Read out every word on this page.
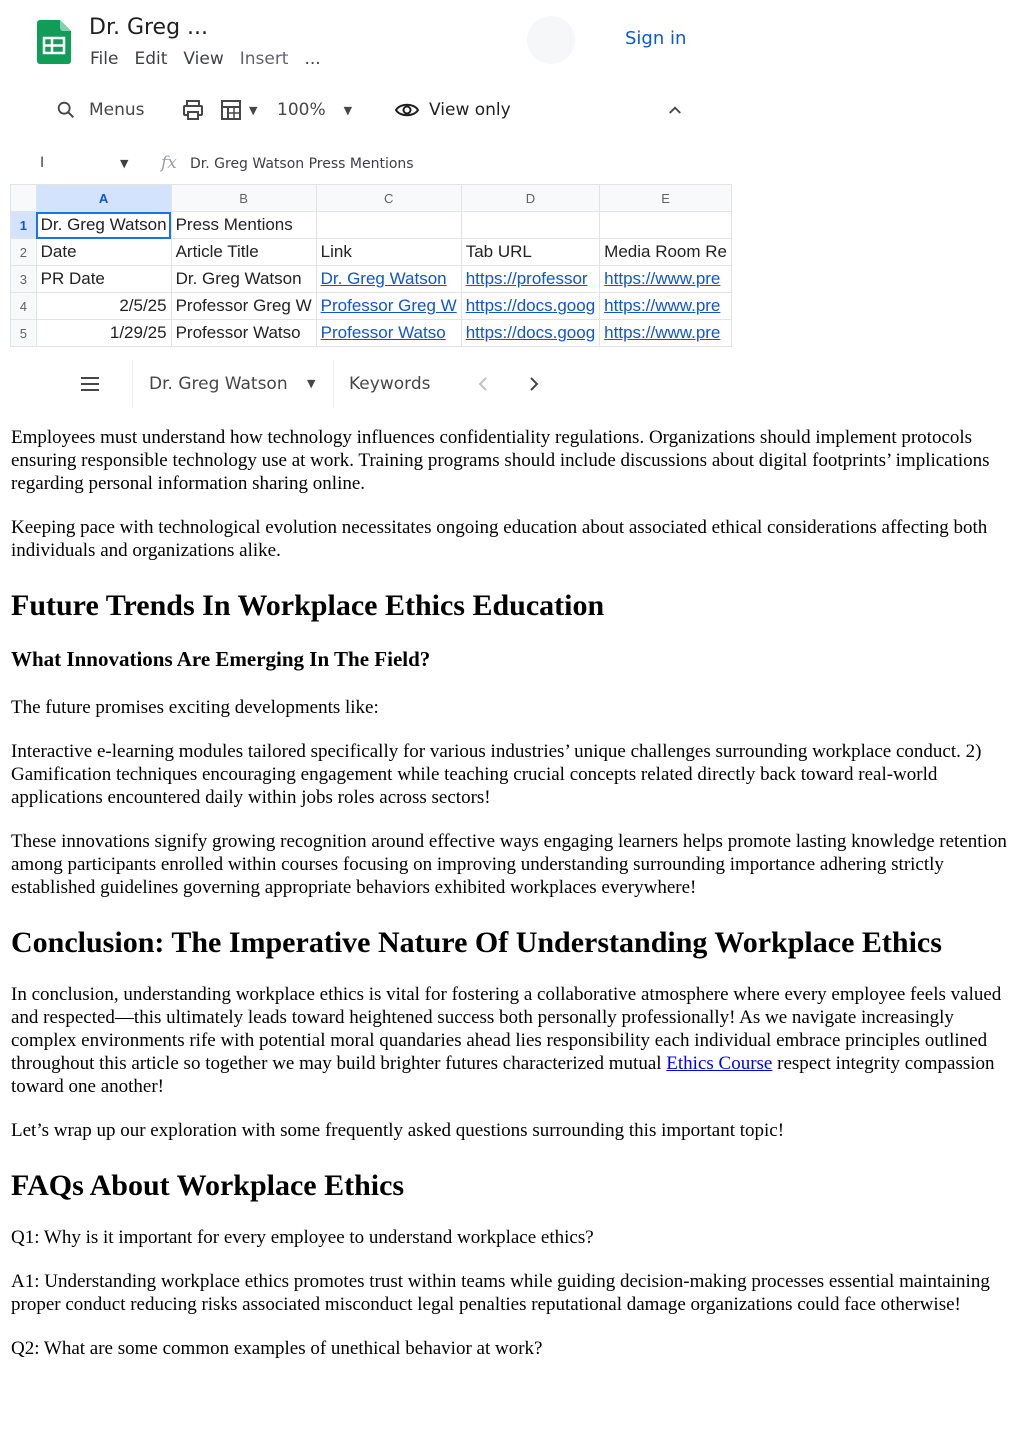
Dr. Greg ...
File Edit View Insert ...
Sign in
Menus	▼ 100% ▼	View only
I	▼ fx Dr. Greg Watson Press Mentions
	A	B	C	D	E
1	Dr. Greg Watson	Press Mentions			
2	Date	Article Title	Link	Tab URL	Media Room Re
3	PR Date	Dr. Greg Watson	Dr. Greg Watson	https://professor	https://www.pre
4	2/5/25	Professor Greg W	Professor Greg W	https://docs.goog	https://www.pre
5	1/29/25	Professor Watso	Professor Watso	https://docs.goog	https://www.pre
Dr. Greg Watson ▼ Keywords

Employees must understand how technology influences confidentiality regulations. Organizations should implement protocols ensuring responsible technology use at work. Training programs should include discussions about digital footprints’ implications regarding personal information sharing online.

Keeping pace with technological evolution necessitates ongoing education about associated ethical considerations affecting both individuals and organizations alike.

Future Trends In Workplace Ethics Education
What Innovations Are Emerging In The Field?

The future promises exciting developments like:

Interactive e-learning modules tailored specifically for various industries’ unique challenges surrounding workplace conduct. 2) Gamification techniques encouraging engagement while teaching crucial concepts related directly back toward real-world applications encountered daily within jobs roles across sectors!

These innovations signify growing recognition around effective ways engaging learners helps promote lasting knowledge retention among participants enrolled within courses focusing on improving understanding surrounding importance adhering strictly established guidelines governing appropriate behaviors exhibited workplaces everywhere!

Conclusion: The Imperative Nature Of Understanding Workplace Ethics

In conclusion, understanding workplace ethics is vital for fostering a collaborative atmosphere where every employee feels valued and respected—this ultimately leads toward heightened success both personally professionally! As we navigate increasingly complex environments rife with potential moral quandaries ahead lies responsibility each individual embrace principles outlined throughout this article so together we may build brighter futures characterized mutual Ethics Course respect integrity compassion toward one another!

Let’s wrap up our exploration with some frequently asked questions surrounding this important topic!

FAQs About Workplace Ethics

Q1: Why is it important for every employee to understand workplace ethics?

A1: Understanding workplace ethics promotes trust within teams while guiding decision-making processes essential maintaining proper conduct reducing risks associated misconduct legal penalties reputational damage organizations could face otherwise!

Q2: What are some common examples of unethical behavior at work?
